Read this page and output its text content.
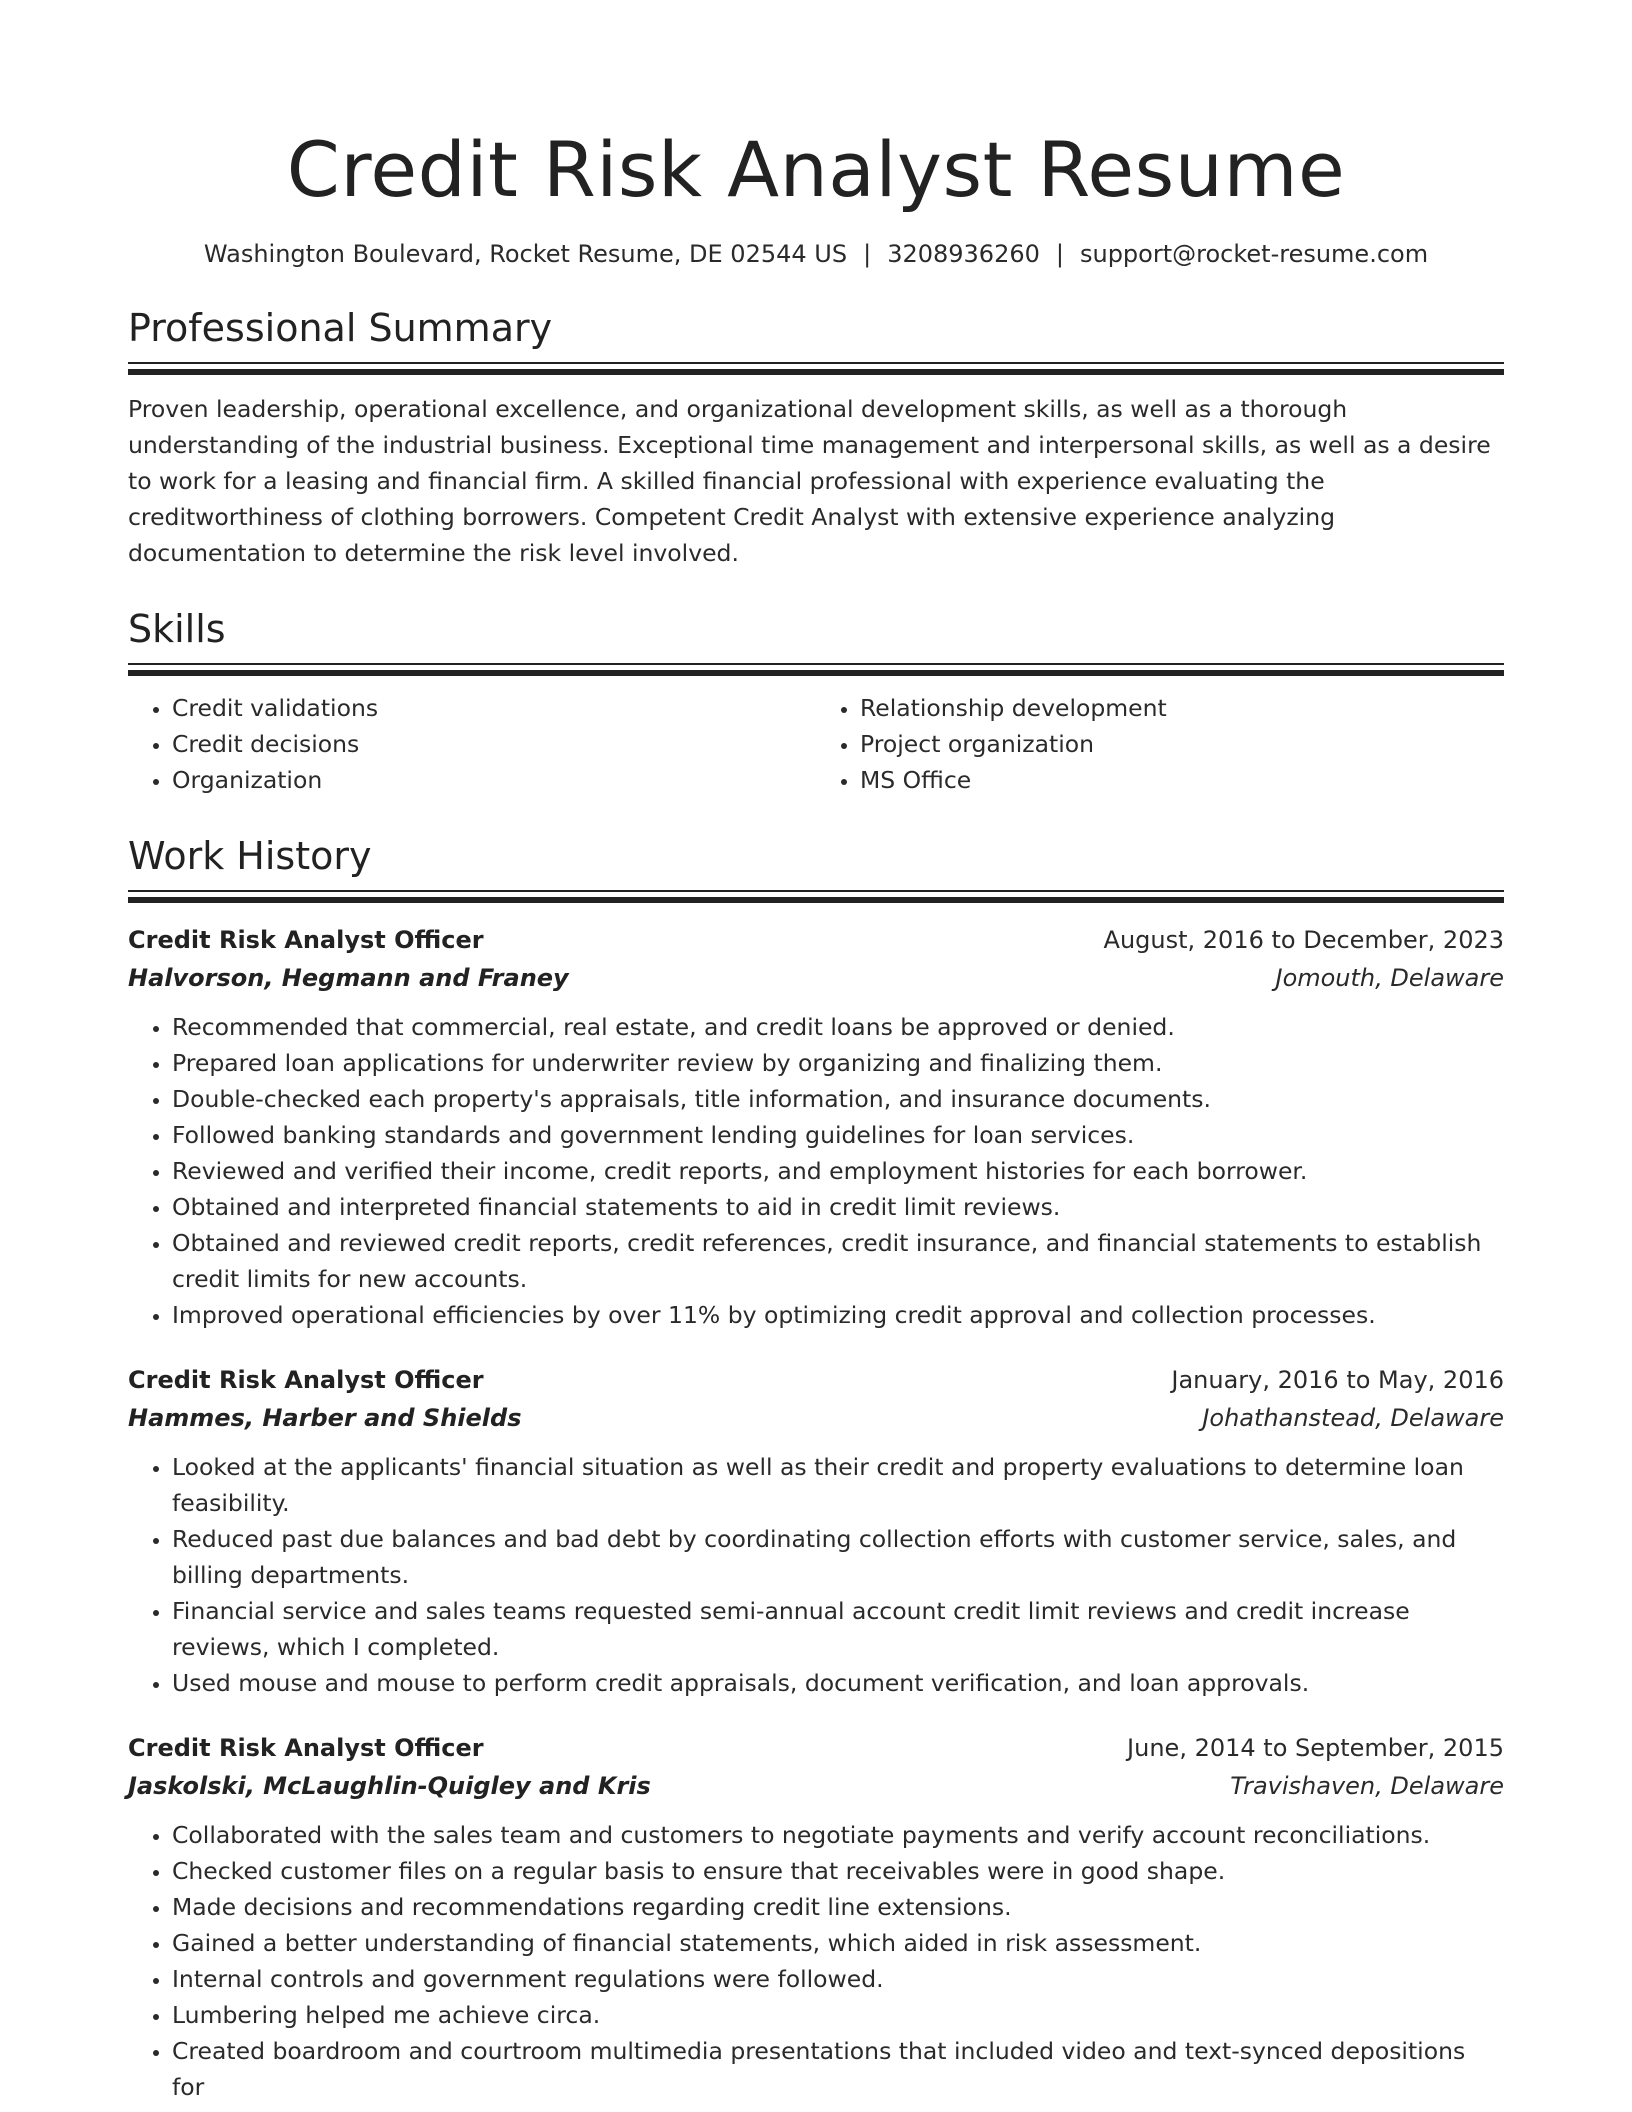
Credit Risk Analyst Resume
Washington Boulevard, Rocket Resume, DE 02544 US | 3208936260 | support@rocket-resume.com
Professional Summary

Proven leadership, operational excellence, and organizational development skills, as well as a thorough understanding of the industrial business. Exceptional time management and interpersonal skills, as well as a desire to work for a leasing and financial firm. A skilled financial professional with experience evaluating the creditworthiness of clothing borrowers. Competent Credit Analyst with extensive experience analyzing documentation to determine the risk level involved.

Skills
• Credit validations
• Credit decisions
• Organization
• Relationship development
• Project organization
• MS Office
Work History
Credit Risk Analyst Officer	August, 2016 to December, 2023
Halvorson, Hegmann and Franey	Jomouth, Delaware
• Recommended that commercial, real estate, and credit loans be approved or denied.
• Prepared loan applications for underwriter review by organizing and finalizing them.
• Double-checked each property's appraisals, title information, and insurance documents.
• Followed banking standards and government lending guidelines for loan services.
• Reviewed and verified their income, credit reports, and employment histories for each borrower.
• Obtained and interpreted financial statements to aid in credit limit reviews.
• Obtained and reviewed credit reports, credit references, credit insurance, and financial statements to establish credit limits for new accounts.
• Improved operational efficiencies by over 11% by optimizing credit approval and collection processes.
Credit Risk Analyst Officer	January, 2016 to May, 2016
Hammes, Harber and Shields	Johathanstead, Delaware
• Looked at the applicants' financial situation as well as their credit and property evaluations to determine loan feasibility.
• Reduced past due balances and bad debt by coordinating collection efforts with customer service, sales, and billing departments.
• Financial service and sales teams requested semi-annual account credit limit reviews and credit increase reviews, which I completed.
• Used mouse and mouse to perform credit appraisals, document verification, and loan approvals.
Credit Risk Analyst Officer	June, 2014 to September, 2015
Jaskolski, McLaughlin-Quigley and Kris	Travishaven, Delaware
• Collaborated with the sales team and customers to negotiate payments and verify account reconciliations.
• Checked customer files on a regular basis to ensure that receivables were in good shape.
• Made decisions and recommendations regarding credit line extensions.
• Gained a better understanding of financial statements, which aided in risk assessment.
• Internal controls and government regulations were followed.
• Lumbering helped me achieve circa.
• Created boardroom and courtroom multimedia presentations that included video and text-synced depositions for
